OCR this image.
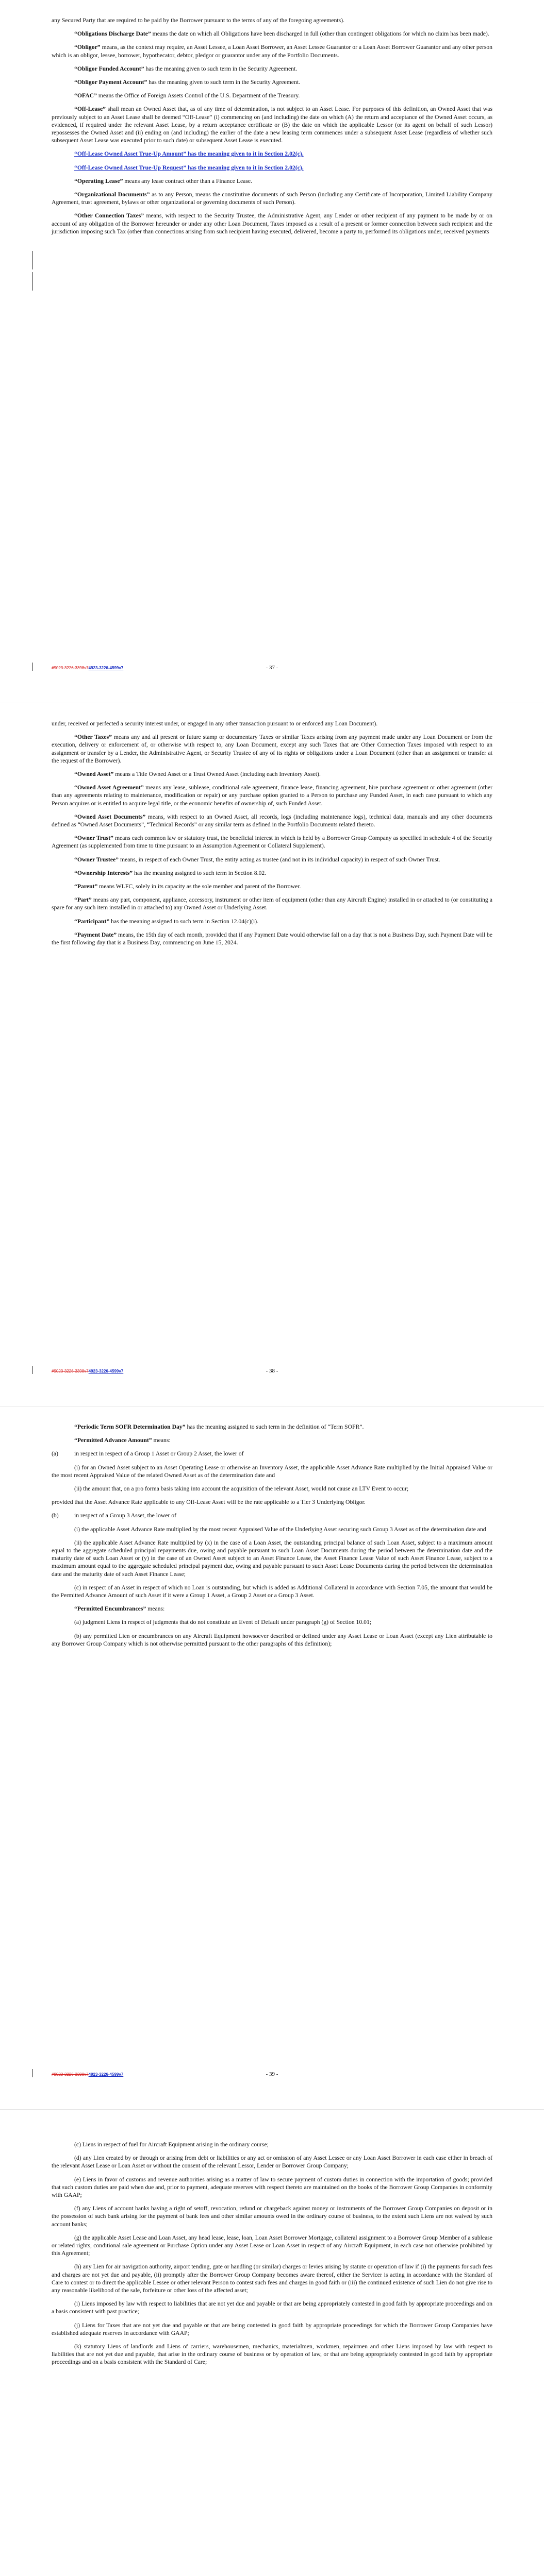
any Secured Party that are required to be paid by the Borrower pursuant to the terms of any of the foregoing agreements).

“Obligations Discharge Date” means the date on which all Obligations have been discharged in full (other than contingent obligations for which no claim has been made).

“Obligor” means, as the context may require, an Asset Lessee, a Loan Asset Borrower, an Asset Lessee Guarantor or a Loan Asset Borrower Guarantor and any other person which is an obligor, lessee, borrower, hypothecator, debtor, pledgor or guarantor under any of the Portfolio Documents.

“Obligor Funded Account” has the meaning given to such term in the Security Agreement.

“Obligor Payment Account” has the meaning given to such term in the Security Agreement.

“OFAC” means the Office of Foreign Assets Control of the U.S. Department of the Treasury.

“Off-Lease” shall mean an Owned Asset that, as of any time of determination, is not subject to an Asset Lease. For purposes of this definition, an Owned Asset that was previously subject to an Asset Lease shall be deemed “Off-Lease” (i) commencing on (and including) the date on which (A) the return and acceptance of the Owned Asset occurs, as evidenced, if required under the relevant Asset Lease, by a return acceptance certificate or (B) the date on which the applicable Lessor (or its agent on behalf of such Lessor) repossesses the Owned Asset and (ii) ending on (and including) the earlier of the date a new leasing term commences under a subsequent Asset Lease (regardless of whether such subsequent Asset Lease was executed prior to such date) or subsequent Asset Lease is executed.

“Off-Lease Owned Asset True-Up Amount” has the meaning given to it in Section 2.02(c).

“Off-Lease Owned Asset True-Up Request” has the meaning given to it in Section 2.02(c).

“Operating Lease” means any lease contract other than a Finance Lease.

“Organizational Documents” as to any Person, means the constitutive documents of such Person (including any Certificate of Incorporation, Limited Liability Company Agreement, trust agreement, bylaws or other organizational or governing documents of such Person).

“Other Connection Taxes” means, with respect to the Security Trustee, the Administrative Agent, any Lender or other recipient of any payment to be made by or on account of any obligation of the Borrower hereunder or under any other Loan Document, Taxes imposed as a result of a present or former connection between such recipient and the jurisdiction imposing such Tax (other than connections arising from such recipient having executed, delivered, become a party to, performed its obligations under, received payments

- 37 -
#9023-3226-3398v74923-3226-4599v7

under, received or perfected a security interest under, or engaged in any other transaction pursuant to or enforced any Loan Document).

“Other Taxes” means any and all present or future stamp or documentary Taxes or similar Taxes arising from any payment made under any Loan Document or from the execution, delivery or enforcement of, or otherwise with respect to, any Loan Document, except any such Taxes that are Other Connection Taxes imposed with respect to an assignment or transfer by a Lender, the Administrative Agent, or Security Trustee of any of its rights or obligations under a Loan Document (other than an assignment or transfer at the request of the Borrower).

“Owned Asset” means a Title Owned Asset or a Trust Owned Asset (including each Inventory Asset).

“Owned Asset Agreement” means any lease, sublease, conditional sale agreement, finance lease, financing agreement, hire purchase agreement or other agreement (other than any agreements relating to maintenance, modification or repair) or any purchase option granted to a Person to purchase any Funded Asset, in each case pursuant to which any Person acquires or is entitled to acquire legal title, or the economic benefits of ownership of, such Funded Asset.

“Owned Asset Documents” means, with respect to an Owned Asset, all records, logs (including maintenance logs), technical data, manuals and any other documents defined as “Owned Asset Documents”, “Technical Records” or any similar term as defined in the Portfolio Documents related thereto.

“Owner Trust” means each common law or statutory trust, the beneficial interest in which is held by a Borrower Group Company as specified in schedule 4 of the Security Agreement (as supplemented from time to time pursuant to an Assumption Agreement or Collateral Supplement).

“Owner Trustee” means, in respect of each Owner Trust, the entity acting as trustee (and not in its individual capacity) in respect of such Owner Trust.

“Ownership Interests” has the meaning assigned to such term in Section 8.02.

“Parent” means WLFC, solely in its capacity as the sole member and parent of the Borrower.

“Part” means any part, component, appliance, accessory, instrument or other item of equipment (other than any Aircraft Engine) installed in or attached to (or constituting a spare for any such item installed in or attached to) any Owned Asset or Underlying Asset.

“Participant” has the meaning assigned to such term in Section 12.04(c)(i).

“Payment Date” means, the 15th day of each month, provided that if any Payment Date would otherwise fall on a day that is not a Business Day, such Payment Date will be the first following day that is a Business Day, commencing on June 15, 2024.

- 38 -
#9023-3226-3398v74923-3226-4599v7

“Periodic Term SOFR Determination Day” has the meaning assigned to such term in the definition of “Term SOFR”.

“Permitted Advance Amount” means:

(a)	in respect in respect of a Group 1 Asset or Group 2 Asset, the lower of

(i) for an Owned Asset subject to an Asset Operating Lease or otherwise an Inventory Asset, the applicable Asset Advance Rate multiplied by the Initial Appraised Value or the most recent Appraised Value of the related Owned Asset as of the determination date and

(ii) the amount that, on a pro forma basis taking into account the acquisition of the relevant Asset, would not cause an LTV Event to occur;

provided that the Asset Advance Rate applicable to any Off-Lease Asset will be the rate applicable to a Tier 3 Underlying Obligor.

(b)	in respect of a Group 3 Asset, the lower of

(i) the applicable Asset Advance Rate multiplied by the most recent Appraised Value of the Underlying Asset securing such Group 3 Asset as of the determination date and

(ii) the applicable Asset Advance Rate multiplied by (x) in the case of a Loan Asset, the outstanding principal balance of such Loan Asset, subject to a maximum amount equal to the aggregate scheduled principal repayments due, owing and payable pursuant to such Loan Asset Documents during the period between the determination date and the maturity date of such Loan Asset or (y) in the case of an Owned Asset subject to an Asset Finance Lease, the Asset Finance Lease Value of such Asset Finance Lease, subject to a maximum amount equal to the aggregate scheduled principal payment due, owing and payable pursuant to such Asset Lease Documents during the period between the determination date and the maturity date of such Asset Finance Lease;

(c) in respect of an Asset in respect of which no Loan is outstanding, but which is added as Additional Collateral in accordance with Section 7.05, the amount that would be the Permitted Advance Amount of such Asset if it were a Group 1 Asset, a Group 2 Asset or a Group 3 Asset.

“Permitted Encumbrances” means:

(a) judgment Liens in respect of judgments that do not constitute an Event of Default under paragraph (g) of Section 10.01;

(b) any permitted Lien or encumbrances on any Aircraft Equipment howsoever described or defined under any Asset Lease or Loan Asset (except any Lien attributable to any Borrower Group Company which is not otherwise permitted pursuant to the other paragraphs of this definition);

- 39 -
#9023-3226-3398v74923-3226-4599v7

(c) Liens in respect of fuel for Aircraft Equipment arising in the ordinary course;

(d) any Lien created by or through or arising from debt or liabilities or any act or omission of any Asset Lessee or any Loan Asset Borrower in each case either in breach of the relevant Asset Lease or Loan Asset or without the consent of the relevant Lessor, Lender or Borrower Group Company;

(e) Liens in favor of customs and revenue authorities arising as a matter of law to secure payment of custom duties in connection with the importation of goods; provided that such custom duties are paid when due and, prior to payment, adequate reserves with respect thereto are maintained on the books of the Borrower Group Companies in conformity with GAAP;

(f) any Liens of account banks having a right of setoff, revocation, refund or chargeback against money or instruments of the Borrower Group Companies on deposit or in the possession of such bank arising for the payment of bank fees and other similar amounts owed in the ordinary course of business, to the extent such Liens are not waived by such account banks;

(g) the applicable Asset Lease and Loan Asset, any head lease, lease, loan, Loan Asset Borrower Mortgage, collateral assignment to a Borrower Group Member of a sublease or related rights, conditional sale agreement or Purchase Option under any Asset Lease or Loan Asset in respect of any Aircraft Equipment, in each case not otherwise prohibited by this Agreement;

(h) any Lien for air navigation authority, airport tending, gate or handling (or similar) charges or levies arising by statute or operation of law if (i) the payments for such fees and charges are not yet due and payable, (ii) promptly after the Borrower Group Company becomes aware thereof, either the Servicer is acting in accordance with the Standard of Care to contest or to direct the applicable Lessee or other relevant Person to contest such fees and charges in good faith or (iii) the continued existence of such Lien do not give rise to any reasonable likelihood of the sale, forfeiture or other loss of the affected asset;

(i) Liens imposed by law with respect to liabilities that are not yet due and payable or that are being appropriately contested in good faith by appropriate proceedings and on a basis consistent with past practice;

(j) Liens for Taxes that are not yet due and payable or that are being contested in good faith by appropriate proceedings for which the Borrower Group Companies have established adequate reserves in accordance with GAAP;

(k) statutory Liens of landlords and Liens of carriers, warehousemen, mechanics, materialmen, workmen, repairmen and other Liens imposed by law with respect to liabilities that are not yet due and payable, that arise in the ordinary course of business or by operation of law, or that are being appropriately contested in good faith by appropriate proceedings and on a basis consistent with the Standard of Care;
